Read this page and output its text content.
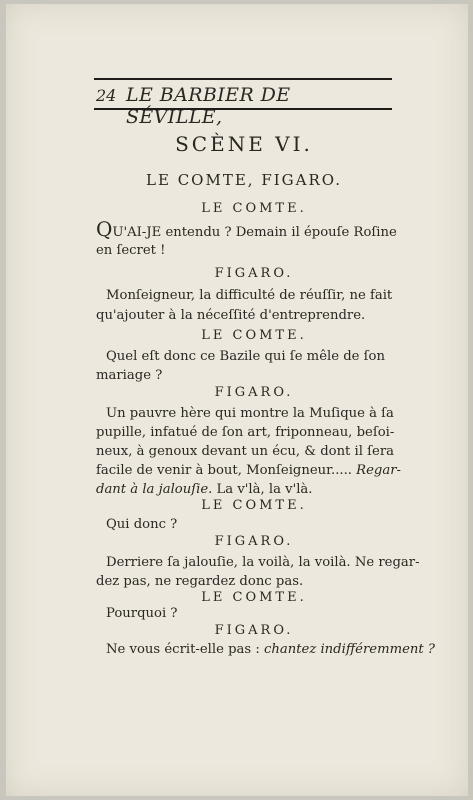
24 LE BARBIER DE SÉVILLE,
SCÈNE VI.
LE COMTE, FIGARO.
LE COMTE.
QU'AI-JE entendu ? Demain il épouſe Roſine
en ſecret !
FIGARO.
Monſeigneur, la difficulté de réuſſir, ne fait
qu'ajouter à la néceſſité d'entreprendre.
LE COMTE.
Quel eſt donc ce Bazile qui ſe mêle de ſon
mariage ?
FIGARO.
Un pauvre hère qui montre la Muſique à ſa
pupille, infatué de ſon art, friponneau, beſoi-
neux, à genoux devant un écu, & dont il ſera
facile de venir à bout, Monſeigneur..... Regar-
dant à la jalouſie. La v'là, la v'là.
LE COMTE.
Qui donc ?
FIGARO.
Derriere ſa jalouſie, la voilà, la voilà. Ne regar-
dez pas, ne regardez donc pas.
LE COMTE.
Pourquoi ?
FIGARO.
Ne vous écrit-elle pas : chantez indifféremment ?
